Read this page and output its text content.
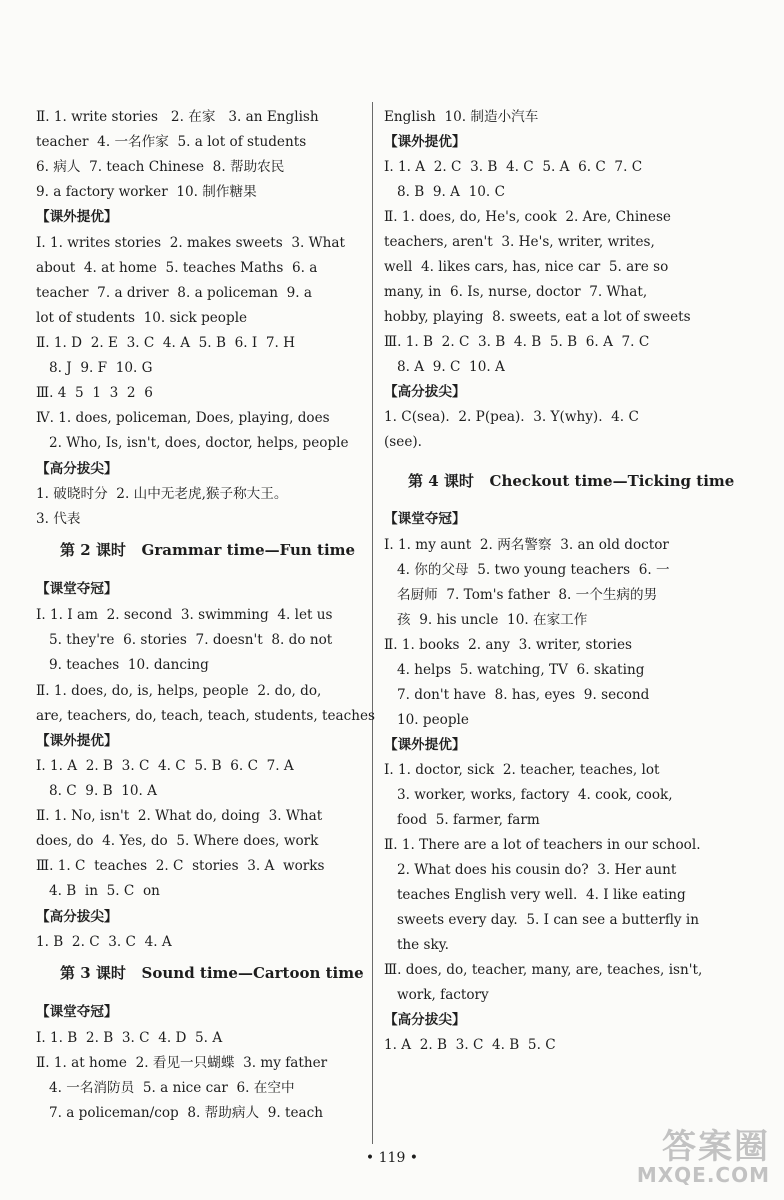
Ⅱ. 1. write stories   2. 在家   3. an English
teacher  4. 一名作家  5. a lot of students
6. 病人  7. teach Chinese  8. 帮助农民
9. a factory worker  10. 制作糖果
【课外提优】
Ⅰ. 1. writes stories  2. makes sweets  3. What
about  4. at home  5. teaches Maths  6. a
teacher  7. a driver  8. a policeman  9. a
lot of students  10. sick people
Ⅱ. 1. D  2. E  3. C  4. A  5. B  6. I  7. H
8. J  9. F  10. G
Ⅲ. 4  5  1  3  2  6
Ⅳ. 1. does, policeman, Does, playing, does
2. Who, Is, isn't, does, doctor, helps, people
【高分拔尖】
1. 破晓时分  2. 山中无老虎,猴子称大王。
3. 代表
第 2 课时   Grammar time—Fun time
【课堂夺冠】
Ⅰ. 1. I am  2. second  3. swimming  4. let us
5. they're  6. stories  7. doesn't  8. do not
9. teaches  10. dancing
Ⅱ. 1. does, do, is, helps, people  2. do, do,
are, teachers, do, teach, teach, students, teaches
【课外提优】
Ⅰ. 1. A  2. B  3. C  4. C  5. B  6. C  7. A
8. C  9. B  10. A
Ⅱ. 1. No, isn't  2. What do, doing  3. What
does, do  4. Yes, do  5. Where does, work
Ⅲ. 1. C  teaches  2. C  stories  3. A  works
4. B  in  5. C  on
【高分拔尖】
1. B  2. C  3. C  4. A
第 3 课时   Sound time—Cartoon time
【课堂夺冠】
Ⅰ. 1. B  2. B  3. C  4. D  5. A
Ⅱ. 1. at home  2. 看见一只蝴蝶  3. my father
4. 一名消防员  5. a nice car  6. 在空中
7. a policeman/cop  8. 帮助病人  9. teach
English  10. 制造小汽车
【课外提优】
Ⅰ. 1. A  2. C  3. B  4. C  5. A  6. C  7. C
8. B  9. A  10. C
Ⅱ. 1. does, do, He's, cook  2. Are, Chinese
teachers, aren't  3. He's, writer, writes,
well  4. likes cars, has, nice car  5. are so
many, in  6. Is, nurse, doctor  7. What,
hobby, playing  8. sweets, eat a lot of sweets
Ⅲ. 1. B  2. C  3. B  4. B  5. B  6. A  7. C
8. A  9. C  10. A
【高分拔尖】
1. C(sea).  2. P(pea).  3. Y(why).  4. C
(see).
第 4 课时   Checkout time—Ticking time
【课堂夺冠】
Ⅰ. 1. my aunt  2. 两名警察  3. an old doctor
4. 你的父母  5. two young teachers  6. 一
名厨师  7. Tom's father  8. 一个生病的男
孩  9. his uncle  10. 在家工作
Ⅱ. 1. books  2. any  3. writer, stories
4. helps  5. watching, TV  6. skating
7. don't have  8. has, eyes  9. second
10. people
【课外提优】
Ⅰ. 1. doctor, sick  2. teacher, teaches, lot
3. worker, works, factory  4. cook, cook,
food  5. farmer, farm
Ⅱ. 1. There are a lot of teachers in our school.
2. What does his cousin do?  3. Her aunt
teaches English very well.  4. I like eating
sweets every day.  5. I can see a butterfly in
the sky.
Ⅲ. does, do, teacher, many, are, teaches, isn't,
work, factory
【高分拔尖】
1. A  2. B  3. C  4. B  5. C
• 119 •	答案圈
MXQE.COM
